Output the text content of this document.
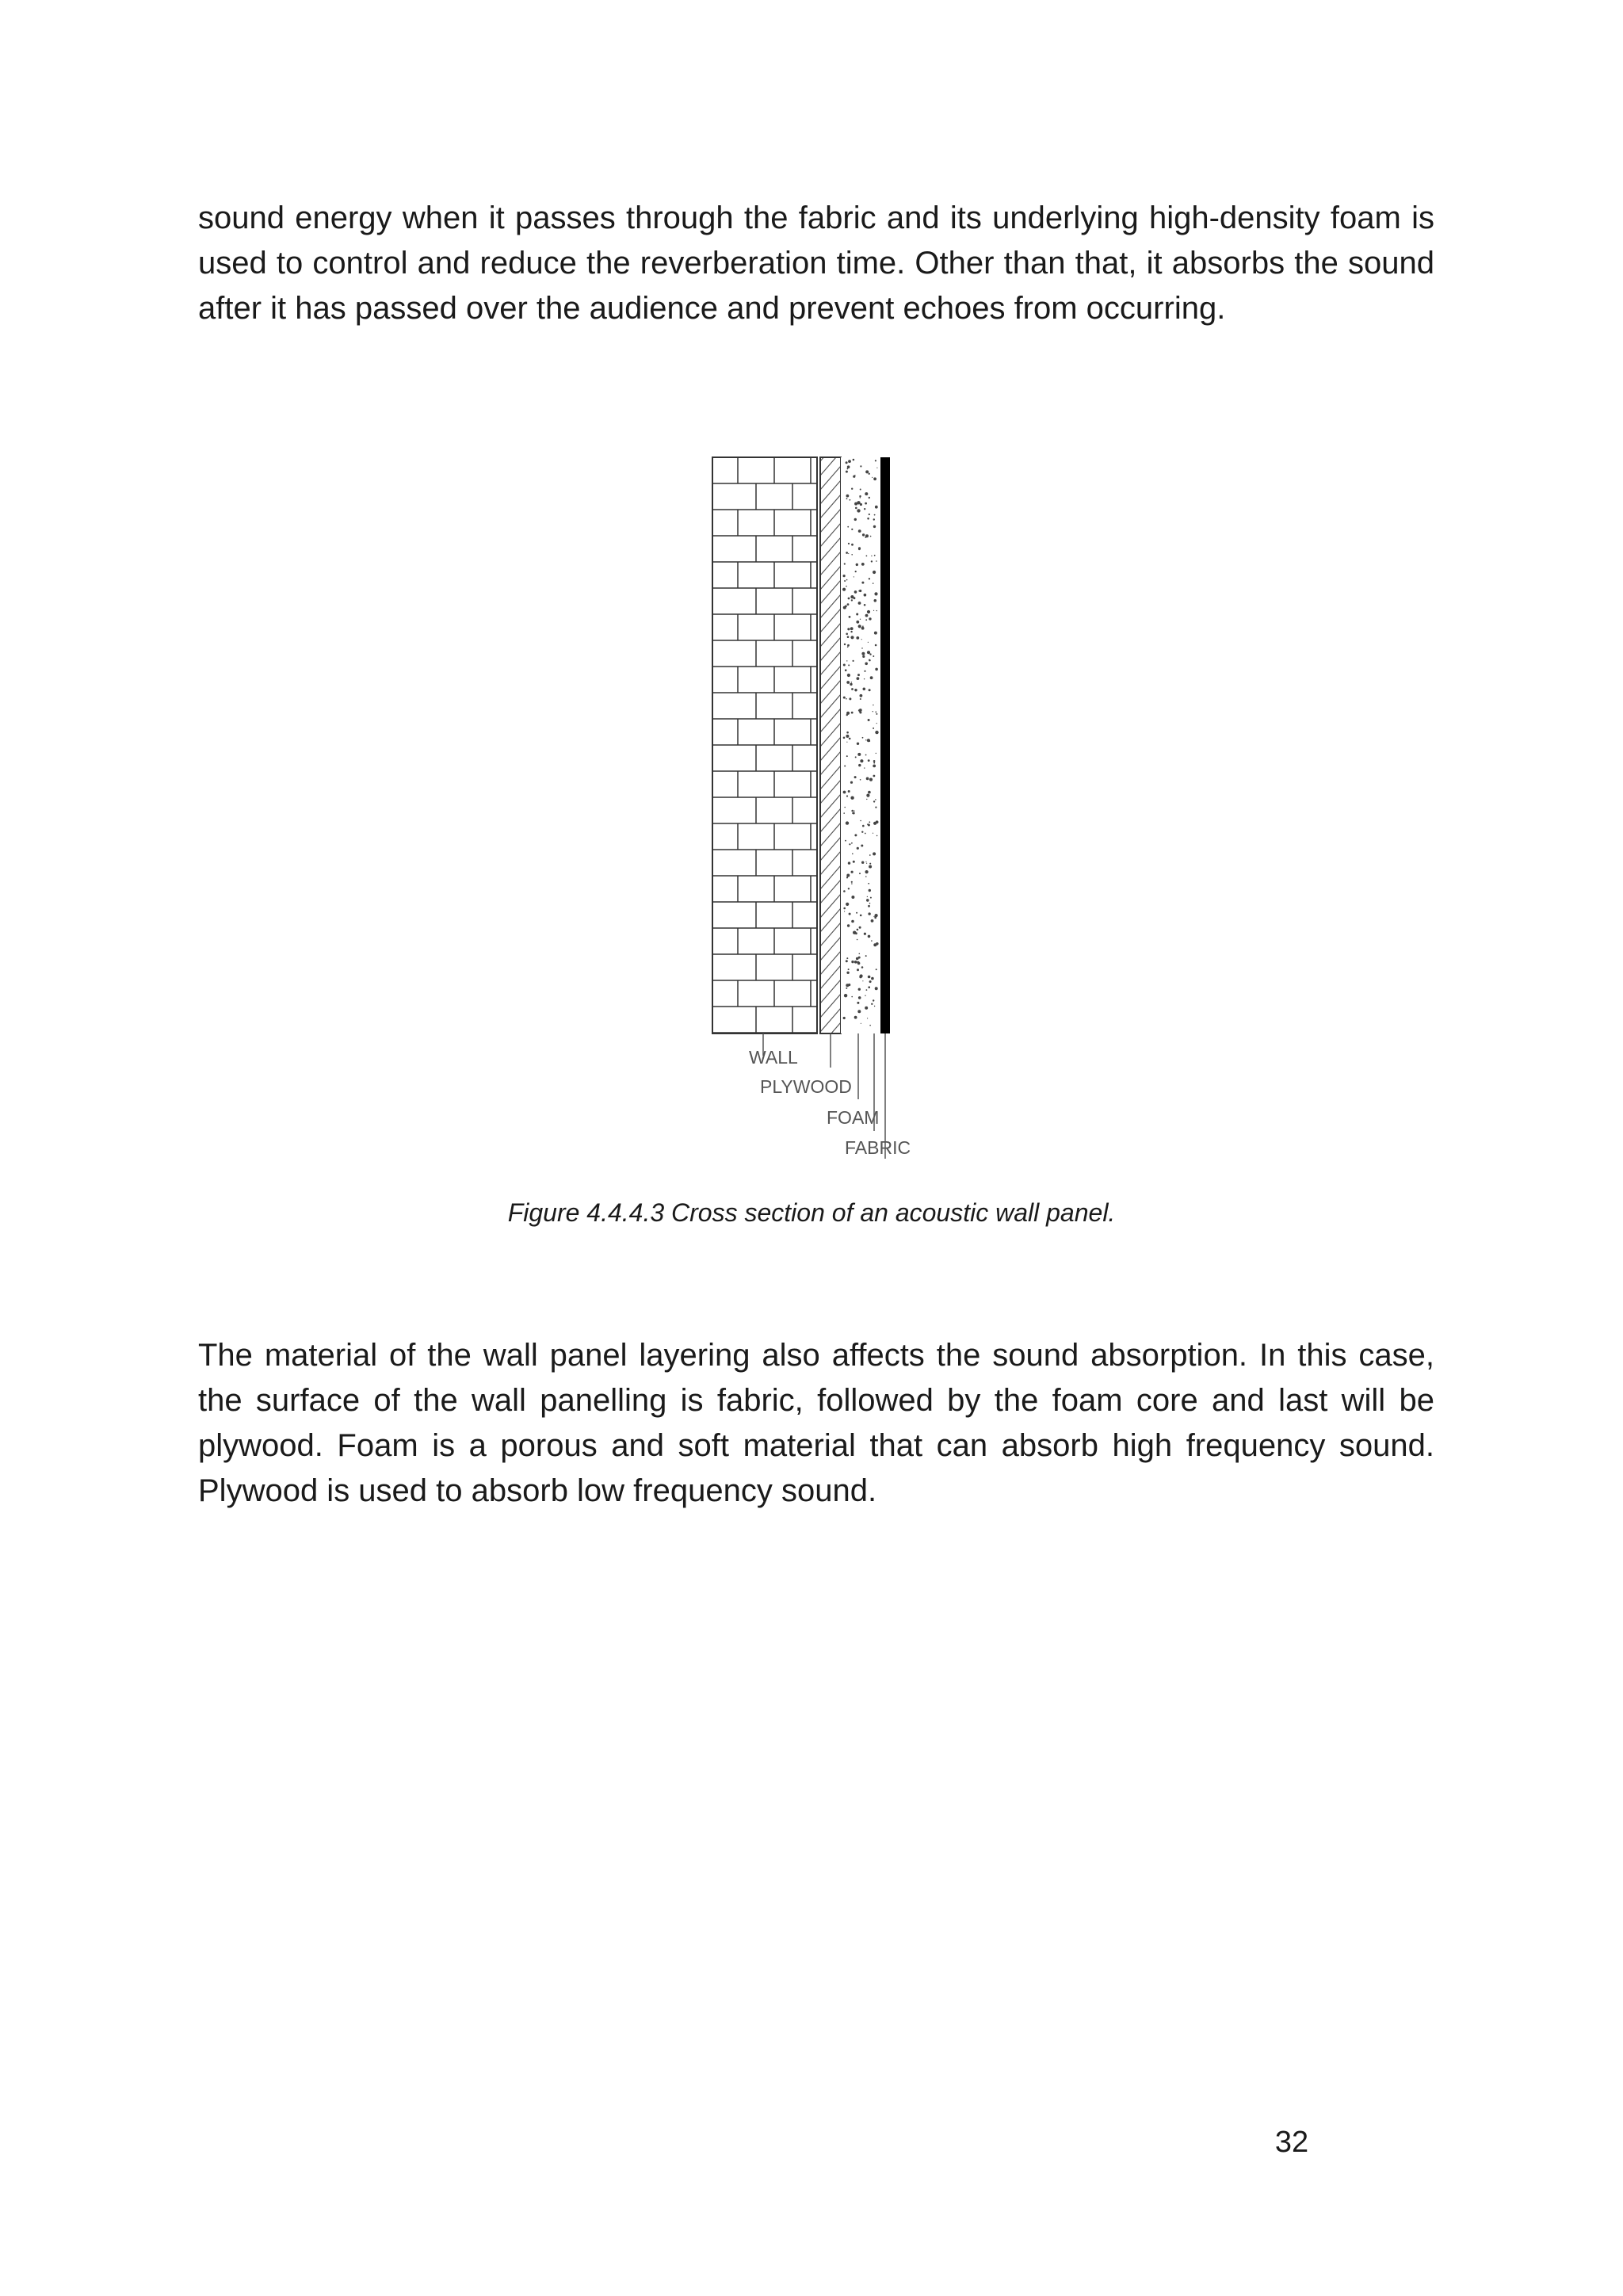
sound energy when it passes through the fabric and its underlying high-density foam is used to control and reduce the reverberation time. Other than that, it absorbs the sound after it has passed over the audience and prevent echoes from occurring.

WALL
PLYWOOD
FOAM
FABRIC

Figure 4.4.4.3 Cross section of an acoustic wall panel.

The material of the wall panel layering also affects the sound absorption. In this case, the surface of the wall panelling is fabric, followed by the foam core and last will be plywood. Foam is a porous and soft material that can absorb high frequency sound. Plywood is used to absorb low frequency sound.

32
